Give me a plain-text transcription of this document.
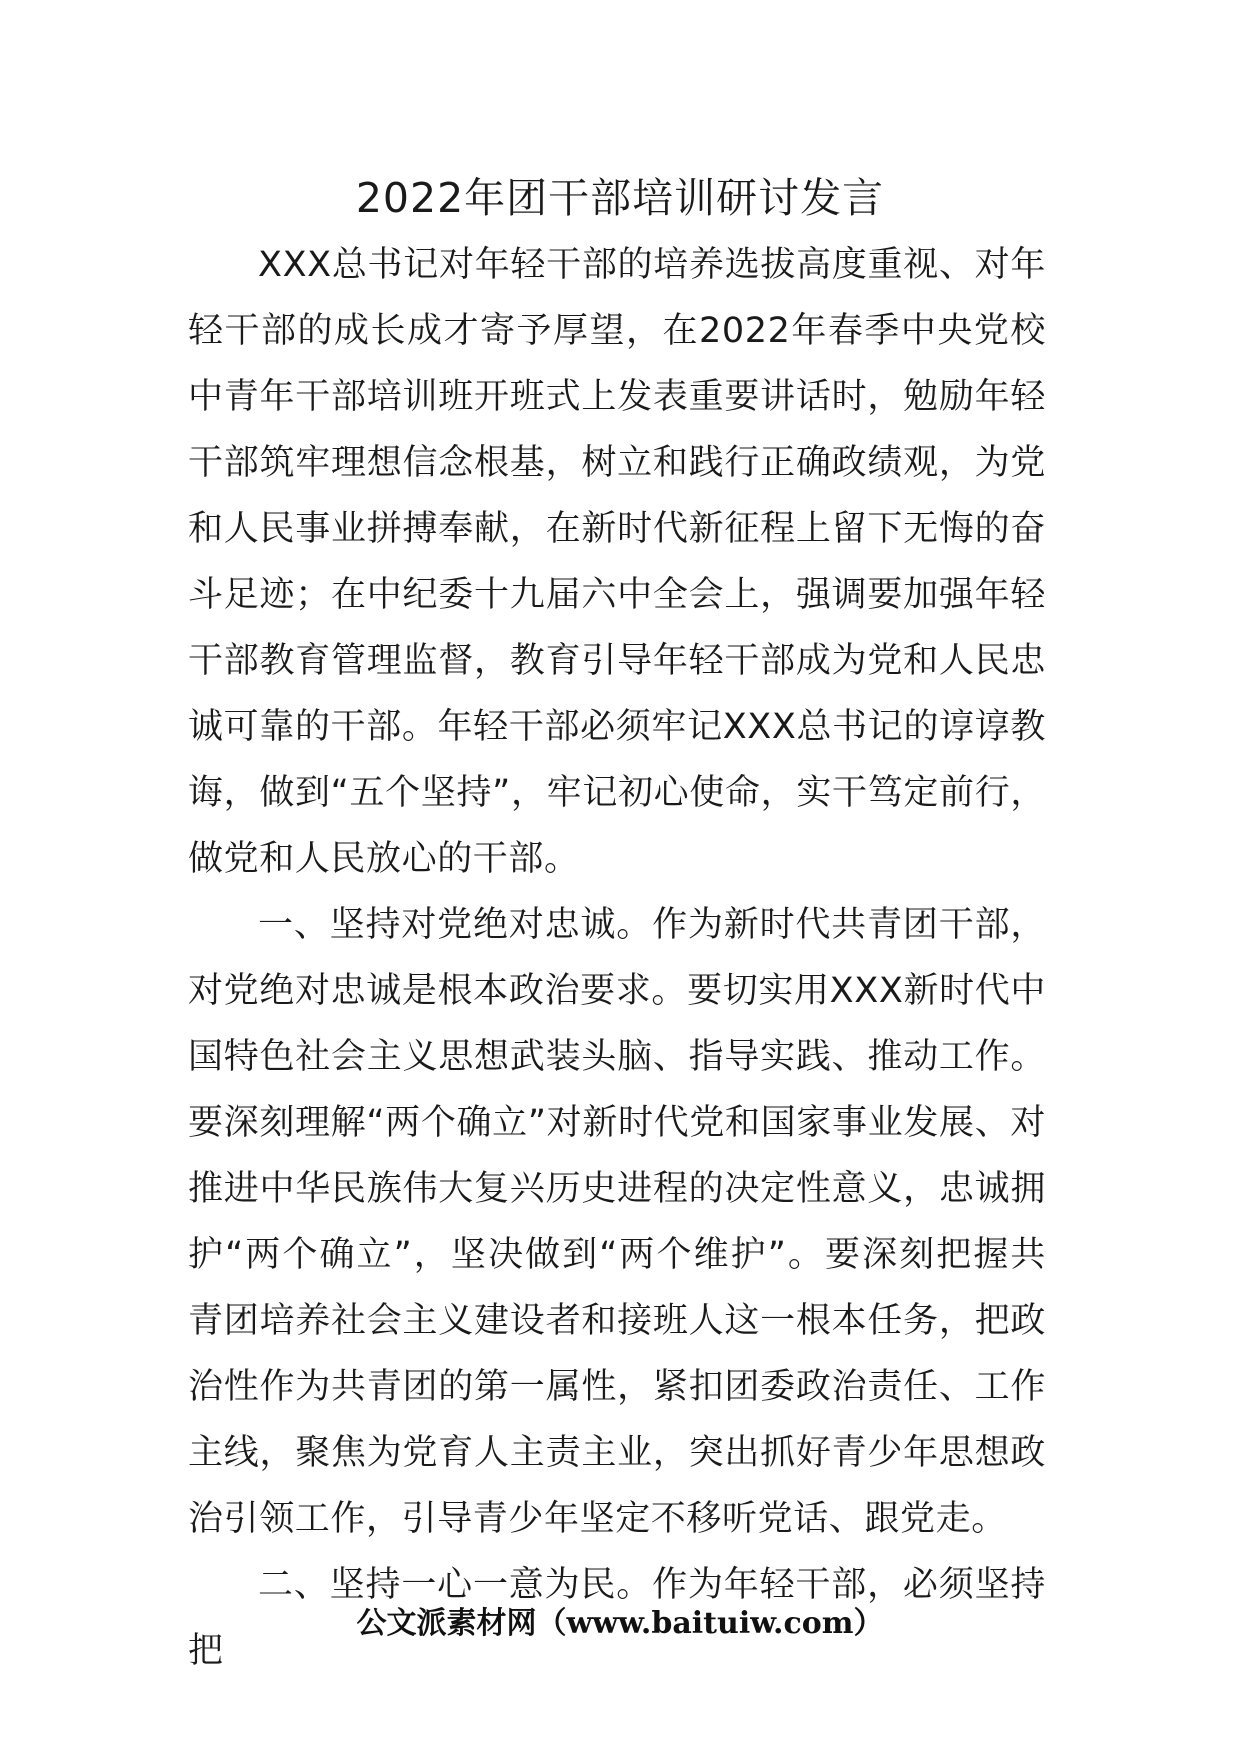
2022年团干部培训研讨发言

XXX总书记对年轻干部的培养选拔高度重视、对年轻干部的成长成才寄予厚望，在2022年春季中央党校中青年干部培训班开班式上发表重要讲话时，勉励年轻干部筑牢理想信念根基，树立和践行正确政绩观，为党和人民事业拼搏奉献，在新时代新征程上留下无悔的奋斗足迹；在中纪委十九届六中全会上，强调要加强年轻干部教育管理监督，教育引导年轻干部成为党和人民忠诚可靠的干部。年轻干部必须牢记XXX总书记的谆谆教诲，做到“五个坚持”，牢记初心使命，实干笃定前行，做党和人民放心的干部。

一、坚持对党绝对忠诚。作为新时代共青团干部，对党绝对忠诚是根本政治要求。要切实用XXX新时代中国特色社会主义思想武装头脑、指导实践、推动工作。要深刻理解“两个确立”对新时代党和国家事业发展、对推进中华民族伟大复兴历史进程的决定性意义，忠诚拥护“两个确立”，坚决做到“两个维护”。要深刻把握共青团培养社会主义建设者和接班人这一根本任务，把政治性作为共青团的第一属性，紧扣团委政治责任、工作主线，聚焦为党育人主责主业，突出抓好青少年思想政治引领工作，引导青少年坚定不移听党话、跟党走。

二、坚持一心一意为民。作为年轻干部，必须坚持把

公文派素材网（www.baituiw.com）
